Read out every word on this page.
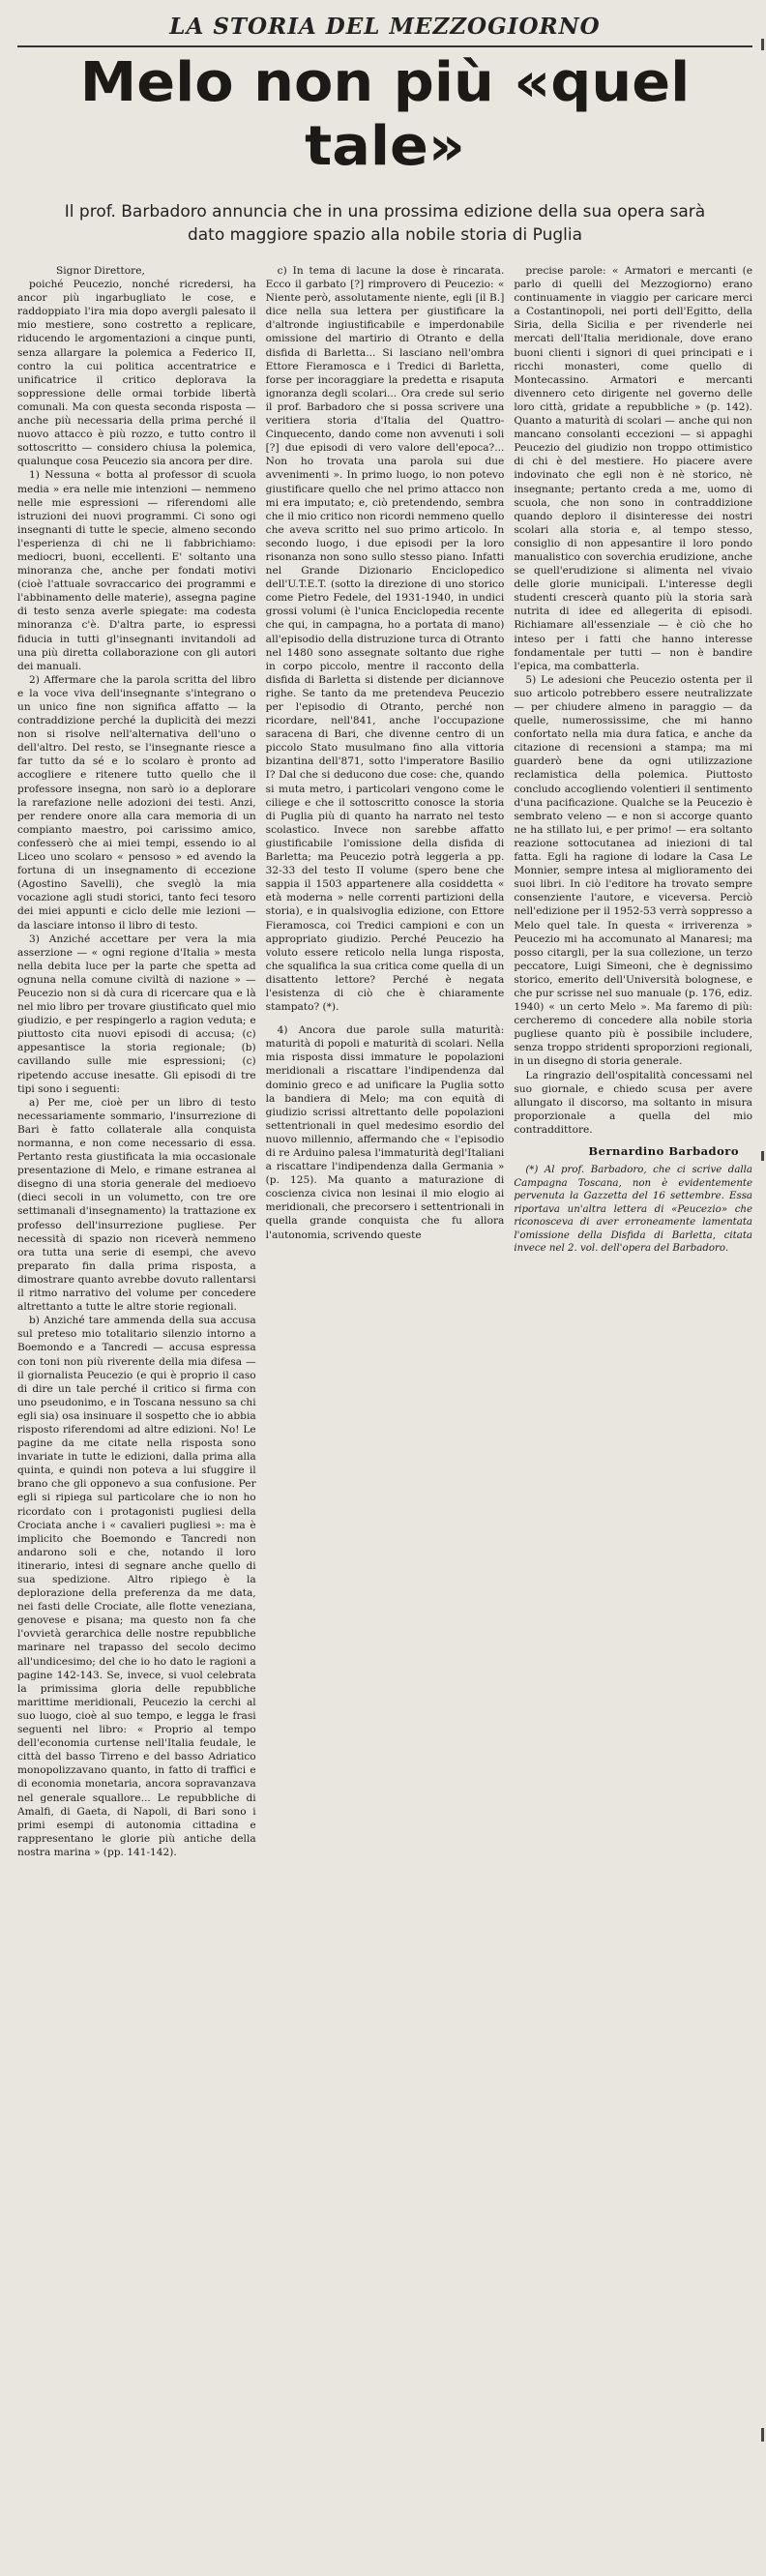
LA STORIA DEL MEZZOGIORNO
Melo non più «quel tale»
Il prof. Barbadoro annuncia che in una prossima edizione della sua opera sarà dato maggiore spazio alla nobile storia di Puglia

Signor Direttore,

poiché Peucezio, nonché ricredersi, ha ancor più ingarbugliato le cose, e raddoppiato l'ira mia dopo avergli palesato il mio mestiere, sono costretto a replicare, riducendo le argomentazioni a cinque punti, senza allargare la polemica a Federico II, contro la cui politica accentratrice e unificatrice il critico deplorava la soppressione delle ormai torbide libertà comunali. Ma con questa seconda risposta — anche più necessaria della prima perché il nuovo attacco è più rozzo, e tutto contro il sottoscritto — considero chiusa la polemica, qualunque cosa Peucezio sia ancora per dire.

1) Nessuna « botta al professor di scuola media » era nelle mie intenzioni — nemmeno nelle mie espressioni — riferendomi alle istruzioni dei nuovi programmi. Ci sono ogi insegnanti di tutte le specie, almeno secondo l'esperienza di chi ne li fabbrichiamo: mediocri, buoni, eccellenti. E' soltanto una minoranza che, anche per fondati motivi (cioè l'attuale sovraccarico dei programmi e l'abbinamento delle materie), assegna pagine di testo senza averle spiegate: ma codesta minoranza c'è. D'altra parte, io espressi fiducia in tutti gl'insegnanti invitandoli ad una più diretta collaborazione con gli autori dei manuali.

2) Affermare che la parola scritta del libro e la voce viva dell'insegnante s'integrano o un unico fine non significa affatto — la contraddizione perché la duplicità dei mezzi non si risolve nell'alternativa dell'uno o dell'altro. Del resto, se l'insegnante riesce a far tutto da sé e lo scolaro è pronto ad accogliere e ritenere tutto quello che il professore insegna, non sarò io a deplorare la rarefazione nelle adozioni dei testi. Anzi, per rendere onore alla cara memoria di un compianto maestro, poi carissimo amico, confesserò che ai miei tempi, essendo io al Liceo uno scolaro « pensoso » ed avendo la fortuna di un insegnamento di eccezione (Agostino Savelli), che sveglò la mia vocazione agli studi storici, tanto feci tesoro dei miei appunti e ciclo delle mie lezioni — da lasciare intonso il libro di testo.

3) Anziché accettare per vera la mia asserzione — « ogni regione d'Italia » mesta nella debita luce per la parte che spetta ad ognuna nella comune civiltà di nazione » — Peucezio non si dà cura di ricercare qua e là nel mio libro per trovare giustificato quel mio giudizio, e per respingerlo a ragion veduta; e piuttosto cita nuovi episodi di accusa; (c) appesantisce la storia regionale; (b) cavillando sulle mie espressioni; (c) ripetendo accuse inesatte. Gli episodi di tre tipi sono i seguenti:

a) Per me, cioè per un libro di testo necessariamente sommario, l'insurrezione di Bari è fatto collaterale alla conquista normanna, e non come necessario di essa. Pertanto resta giustificata la mia occasionale presentazione di Melo, e rimane estranea al disegno di una storia generale del medioevo (dieci secoli in un volumetto, con tre ore settimanali d'insegnamento) la trattazione ex professo dell'insurrezione pugliese. Per necessità di spazio non riceverà nemmeno ora tutta una serie di esempi, che avevo preparato fin dalla prima risposta, a dimostrare quanto avrebbe dovuto rallentarsi il ritmo narrativo del volume per concedere altrettanto a tutte le altre storie regionali.

b) Anziché tare ammenda della sua accusa sul preteso mio totalitario silenzio intorno a Boemondo e a Tancredi — accusa espressa con toni non più riverente della mia difesa — il giornalista Peucezio (e qui è proprio il caso di dire un tale perché il critico si firma con uno pseudonimo, e in Toscana nessuno sa chi egli sia) osa insinuare il sospetto che io abbia risposto riferendomi ad altre edizioni. No! Le pagine da me citate nella risposta sono invariate in tutte le edizioni, dalla prima alla quinta, e quindi non poteva a lui sfuggire il brano che gli opponevo a sua confusione. Per egli si ripiega sul particolare che io non ho ricordato con i protagonisti pugliesi della Crociata anche i « cavalieri pugliesi »: ma è implicito che Boemondo e Tancredi non andarono soli e che, notando il loro itinerario, intesi di segnare anche quello di sua spedizione. Altro ripiego è la deplorazione della preferenza da me data, nei fasti delle Crociate, alle flotte veneziana, genovese e pisana; ma questo non fa che l'ovvietà gerarchica delle nostre repubbliche marinare nel trapasso del secolo decimo all'undicesimo; del che io ho dato le ragioni a pagine 142-143. Se, invece, si vuol celebrata la primissima gloria delle repubbliche marittime meridionali, Peucezio la cerchi al suo luogo, cioè al suo tempo, e legga le frasi seguenti nel libro: « Proprio al tempo dell'economia curtense nell'Italia feudale, le città del basso Tirreno e del basso Adriatico monopolizzavano quanto, in fatto di traffici e di economia monetaria, ancora sopravanzava nel generale squallore... Le repubbliche di Amalfi, di Gaeta, di Napoli, di Bari sono i primi esempi di autonomia cittadina e rappresentano le glorie più antiche della nostra marina » (pp. 141-142).

c) In tema di lacune la dose è rincarata. Ecco il garbato [?] rimprovero di Peucezio: « Niente però, assolutamente niente, egli [il B.] dice nella sua lettera per giustificare la d'altronde ingiustificabile e imperdonabile omissione del martirio di Otranto e della disfida di Barletta... Si lasciano nell'ombra Ettore Fieramosca e i Tredici di Barletta, forse per incoraggiare la predetta e risaputa ignoranza degli scolari... Ora crede sul serio il prof. Barbadoro che si possa scrivere una veritiera storia d'Italia del Quattro-Cinquecento, dando come non avvenuti i soli [?] due episodi di vero valore dell'epoca?... Non ho trovata una parola sui due avvenimenti ». In primo luogo, io non potevo giustificare quello che nel primo attacco non mi era imputato; e, ciò pretendendo, sembra che il mio critico non ricordi nemmeno quello che aveva scritto nel suo primo articolo. In secondo luogo, i due episodi per la loro risonanza non sono sullo stesso piano. Infatti nel Grande Dizionario Enciclopedico dell'U.T.E.T. (sotto la direzione di uno storico come Pietro Fedele, del 1931-1940, in undici grossi volumi (è l'unica Enciclopedia recente che qui, in campagna, ho a portata di mano) all'episodio della distruzione turca di Otranto nel 1480 sono assegnate soltanto due righe in corpo piccolo, mentre il racconto della disfida di Barletta si distende per diciannove righe. Se tanto da me pretendeva Peucezio per l'episodio di Otranto, perché non ricordare, nell'841, anche l'occupazione saracena di Bari, che divenne centro di un piccolo Stato musulmano fino alla vittoria bizantina dell'871, sotto l'imperatore Basilio I? Dal che si deducono due cose: che, quando si muta metro, i particolari vengono come le ciliege e che il sottoscritto conosce la storia di Puglia più di quanto ha narrato nel testo scolastico. Invece non sarebbe affatto giustificabile l'omissione della disfida di Barletta; ma Peucezio potrà leggerla a pp. 32-33 del testo II volume (spero bene che sappia il 1503 appartenere alla cosiddetta « età moderna » nelle correnti partizioni della storia), e in qualsivoglia edizione, con Ettore Fieramosca, coi Tredici campioni e con un appropriato giudizio. Perché Peucezio ha voluto essere reticolo nella lunga risposta, che squalifica la sua critica come quella di un disattento lettore? Perché è negata l'esistenza di ciò che è chiaramente stampato? (*).

4) Ancora due parole sulla maturità: maturità di popoli e maturità di scolari. Nella mia risposta dissi immature le popolazioni meridionali a riscattare l'indipendenza dal dominio greco e ad unificare la Puglia sotto la bandiera di Melo; ma con equità di giudizio scrissi altrettanto delle popolazioni settentrionali in quel medesimo esordio del nuovo millennio, affermando che « l'episodio di re Arduino palesa l'immaturità degl'Italiani a riscattare l'indipendenza dalla Germania » (p. 125). Ma quanto a maturazione di coscienza civica non lesinai il mio elogio ai meridionali, che precorsero i settentrionali in quella grande conquista che fu allora l'autonomia, scrivendo queste

precise parole: « Armatori e mercanti (e parlo di quelli del Mezzogiorno) erano continuamente in viaggio per caricare merci a Costantinopoli, nei porti dell'Egitto, della Siria, della Sicilia e per rivenderle nei mercati dell'Italia meridionale, dove erano buoni clienti i signori di quei principati e i ricchi monasteri, come quello di Montecassino. Armatori e mercanti divennero ceto dirigente nel governo delle loro città, gridate a repubbliche » (p. 142). Quanto a maturità di scolari — anche qui non mancano consolanti eccezioni — si appaghi Peucezio del giudizio non troppo ottimistico di chi è del mestiere. Ho piacere avere indovinato che egli non è nè storico, nè insegnante; pertanto creda a me, uomo di scuola, che non sono in contraddizione quando deploro il disinteresse dei nostri scolari alla storia e, al tempo stesso, consiglio di non appesantire il loro pondo manualistico con soverchia erudizione, anche se quell'erudizione si alimenta nel vivaio delle glorie municipali. L'interesse degli studenti crescerà quanto più la storia sarà nutrita di idee ed allegerita di episodi. Richiamare all'essenziale — è ciò che ho inteso per i fatti che hanno interesse fondamentale per tutti — non è bandire l'epica, ma combatterla.

5) Le adesioni che Peucezio ostenta per il suo articolo potrebbero essere neutralizzate — per chiudere almeno in paraggio — da quelle, numerossissime, che mi hanno confortato nella mia dura fatica, e anche da citazione di recensioni a stampa; ma mi guarderò bene da ogni utilizzazione reclamistica della polemica. Piuttosto concludo accogliendo volentieri il sentimento d'una pacificazione. Qualche se la Peucezio è sembrato veleno — e non si accorge quanto ne ha stillato lui, e per primo! — era soltanto reazione sottocutanea ad iniezioni di tal fatta. Egli ha ragione di lodare la Casa Le Monnier, sempre intesa al miglioramento dei suoi libri. In ciò l'editore ha trovato sempre consenziente l'autore, e viceversa. Perciò nell'edizione per il 1952-53 verrà soppresso a Melo quel tale. In questa « irriverenza » Peucezio mi ha accomunato al Manaresi; ma posso citargli, per la sua collezione, un terzo peccatore, Luigi Simeoni, che è degnissimo storico, emerito dell'Università bolognese, e che pur scrisse nel suo manuale (p. 176, ediz. 1940) « un certo Melo ». Ma faremo di più: cercheremo di concedere alla nobile storia pugliese quanto più è possibile includere, senza troppo stridenti sproporzioni regionali, in un disegno di storia generale.

La ringrazio dell'ospitalità concessami nel suo giornale, e chiedo scusa per avere allungato il discorso, ma soltanto in misura proporzionale a quella del mio contraddittore.

Bernardino Barbadoro

(*) Al prof. Barbadoro, che ci scrive dalla Campagna Toscana, non è evidentemente pervenuta la Gazzetta del 16 settembre. Essa riportava un'altra lettera di «Peucezio» che riconosceva di aver erroneamente lamentata l'omissione della Disfida di Barletta, citata invece nel 2. vol. dell'opera del Barbadoro.
